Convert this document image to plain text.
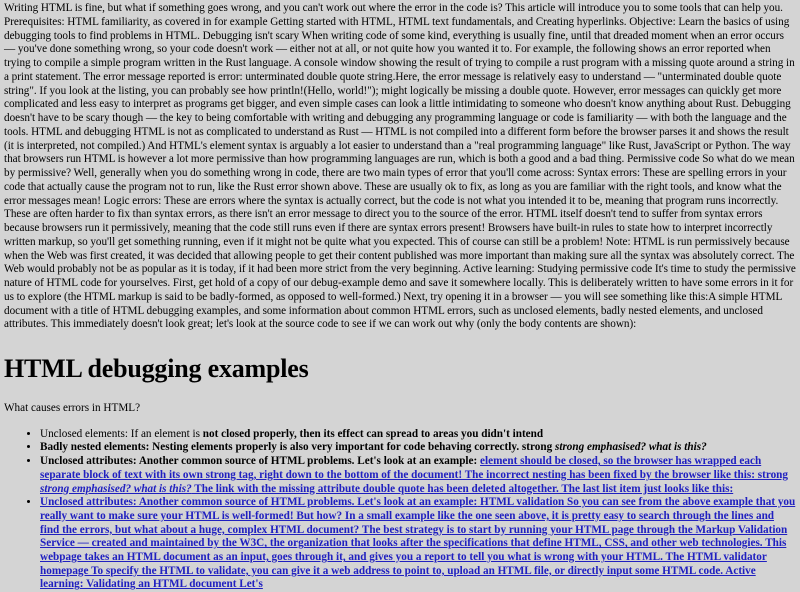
Writing HTML is fine, but what if something goes wrong, and you can't work out where the error in the code is? This article will introduce you to some tools that can help you. Prerequisites: HTML familiarity, as covered in for example Getting started with HTML, HTML text fundamentals, and Creating hyperlinks. Objective: Learn the basics of using debugging tools to find problems in HTML. Debugging isn't scary When writing code of some kind, everything is usually fine, until that dreaded moment when an error occurs — you've done something wrong, so your code doesn't work — either not at all, or not quite how you wanted it to. For example, the following shows an error reported when trying to compile a simple program written in the Rust language. A console window showing the result of trying to compile a rust program with a missing quote around a string in a print statement. The error message reported is error: unterminated double quote string.Here, the error message is relatively easy to understand — "unterminated double quote string". If you look at the listing, you can probably see how println!(Hello, world!"); might logically be missing a double quote. However, error messages can quickly get more complicated and less easy to interpret as programs get bigger, and even simple cases can look a little intimidating to someone who doesn't know anything about Rust. Debugging doesn't have to be scary though — the key to being comfortable with writing and debugging any programming language or code is familiarity — with both the language and the tools. HTML and debugging HTML is not as complicated to understand as Rust — HTML is not compiled into a different form before the browser parses it and shows the result (it is interpreted, not compiled.) And HTML's element syntax is arguably a lot easier to understand than a "real programming language" like Rust, JavaScript or Python. The way that browsers run HTML is however a lot more permissive than how programming languages are run, which is both a good and a bad thing. Permissive code So what do we mean by permissive? Well, generally when you do something wrong in code, there are two main types of error that you'll come across: Syntax errors: These are spelling errors in your code that actually cause the program not to run, like the Rust error shown above. These are usually ok to fix, as long as you are familiar with the right tools, and know what the error messages mean! Logic errors: These are errors where the syntax is actually correct, but the code is not what you intended it to be, meaning that program runs incorrectly. These are often harder to fix than syntax errors, as there isn't an error message to direct you to the source of the error. HTML itself doesn't tend to suffer from syntax errors because browsers run it permissively, meaning that the code still runs even if there are syntax errors present! Browsers have built-in rules to state how to interpret incorrectly written markup, so you'll get something running, even if it might not be quite what you expected. This of course can still be a problem! Note: HTML is run permissively because when the Web was first created, it was decided that allowing people to get their content published was more important than making sure all the syntax was absolutely correct. The Web would probably not be as popular as it is today, if it had been more strict from the very beginning. Active learning: Studying permissive code It's time to study the permissive nature of HTML code for yourselves. First, get hold of a copy of our debug-example demo and save it somewhere locally. This is deliberately written to have some errors in it for us to explore (the HTML markup is said to be badly-formed, as opposed to well-formed.) Next, try opening it in a browser — you will see something like this:A simple HTML document with a title of HTML debugging examples, and some information about common HTML errors, such as unclosed elements, badly nested elements, and unclosed attributes. This immediately doesn't look great; let's look at the source code to see if we can work out why (only the body contents are shown):

HTML debugging examples

What causes errors in HTML?

• Unclosed elements: If an element is not closed properly, then its effect can spread to areas you didn't intend
• Badly nested elements: Nesting elements properly is also very important for code behaving correctly. strong strong emphasised? what is this?
• Unclosed attributes: Another common source of HTML problems. Let's look at an example: element should be closed, so the browser has wrapped each separate block of text with its own strong tag, right down to the bottom of the document! The incorrect nesting has been fixed by the browser like this: strong strong emphasised? what is this? The link with the missing attribute double quote has been deleted altogether. The last list item just looks like this:
• Unclosed attributes: Another common source of HTML problems. Let's look at an example: HTML validation So you can see from the above example that you really want to make sure your HTML is well-formed! But how? In a small example like the one seen above, it is pretty easy to search through the lines and find the errors, but what about a huge, complex HTML document? The best strategy is to start by running your HTML page through the Markup Validation Service — created and maintained by the W3C, the organization that looks after the specifications that define HTML, CSS, and other web technologies. This webpage takes an HTML document as an input, goes through it, and gives you a report to tell you what is wrong with your HTML. The HTML validator homepage To specify the HTML to validate, you can give it a web address to point to, upload an HTML file, or directly input some HTML code. Active learning: Validating an HTML document Let's
